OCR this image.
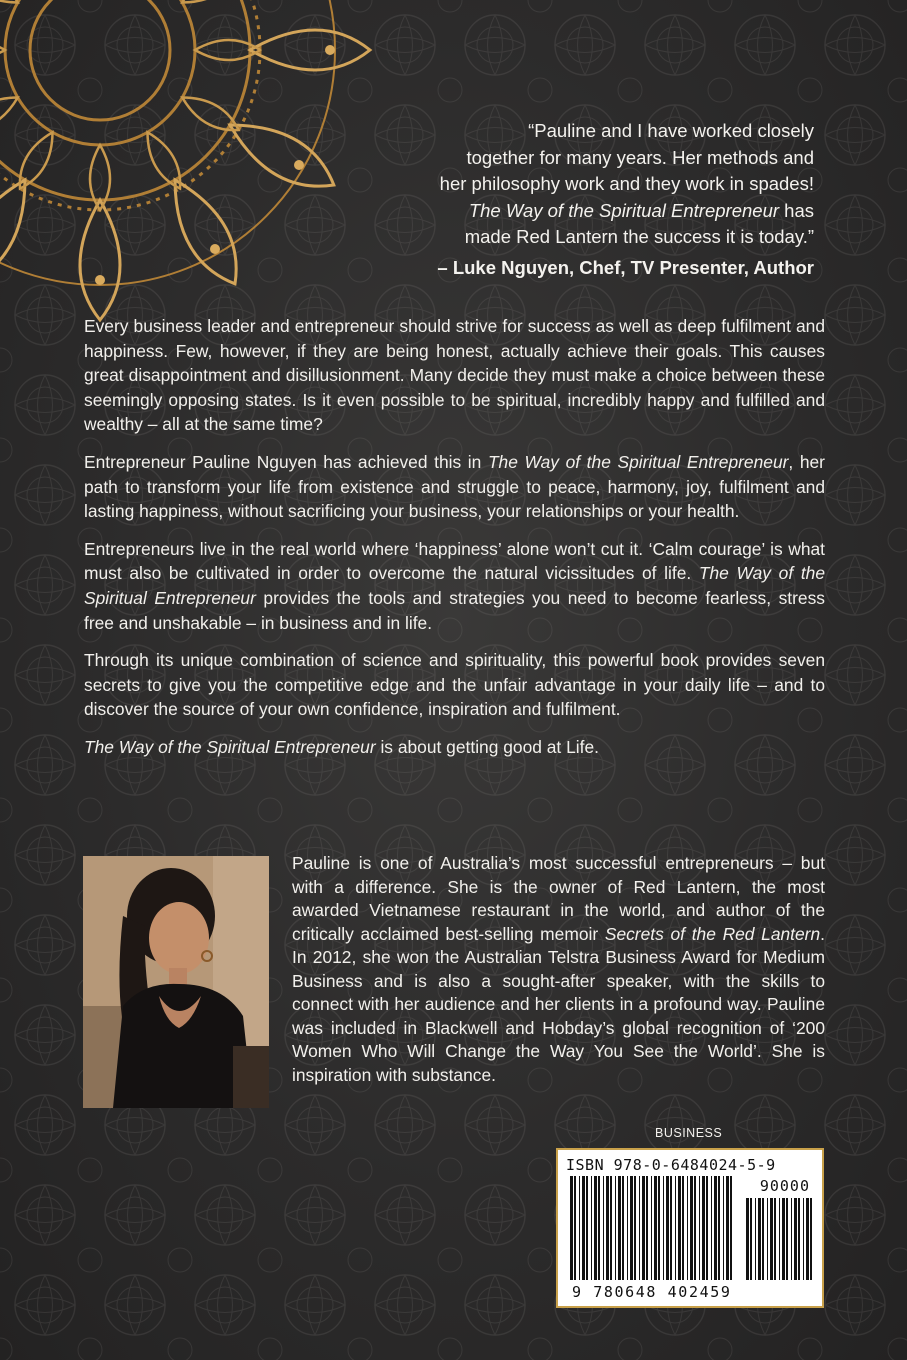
“Pauline and I have worked closely
together for many years. Her methods and
her philosophy work and they work in spades!
The Way of the Spiritual Entrepreneur has
made Red Lantern the success it is today.”
– Luke Nguyen, Chef, TV Presenter, Author

Every business leader and entrepreneur should strive for success as well as deep fulfilment and happiness. Few, however, if they are being honest, actually achieve their goals. This causes great disappointment and disillusionment. Many decide they must make a choice between these seemingly opposing states. Is it even possible to be spiritual, incredibly happy and fulfilled and wealthy – all at the same time?

Entrepreneur Pauline Nguyen has achieved this in The Way of the Spiritual Entrepreneur, her path to transform your life from existence and struggle to peace, harmony, joy, fulfilment and lasting happiness, without sacrificing your business, your relationships or your health.

Entrepreneurs live in the real world where ‘happiness’ alone won’t cut it. ‘Calm courage’ is what must also be cultivated in order to overcome the natural vicissitudes of life. The Way of the Spiritual Entrepreneur provides the tools and strategies you need to become fearless, stress free and unshakable – in business and in life.

Through its unique combination of science and spirituality, this powerful book provides seven secrets to give you the competitive edge and the unfair advantage in your daily life – and to discover the source of your own confidence, inspiration and fulfilment.

The Way of the Spiritual Entrepreneur is about getting good at Life.

Pauline is one of Australia’s most successful entrepreneurs – but with a difference. She is the owner of Red Lantern, the most awarded Vietnamese restaurant in the world, and author of the critically acclaimed best-selling memoir Secrets of the Red Lantern. In 2012, she won the Australian Telstra Business Award for Medium Business and is also a sought-after speaker, with the skills to connect with her audience and her clients in a profound way. Pauline was included in Blackwell and Hobday’s global recognition of ‘200 Women Who Will Change the Way You See the World’. She is inspiration with substance.
BUSINESS
ISBN 978-0-6484024-5-9
90000
9 780648 402459
